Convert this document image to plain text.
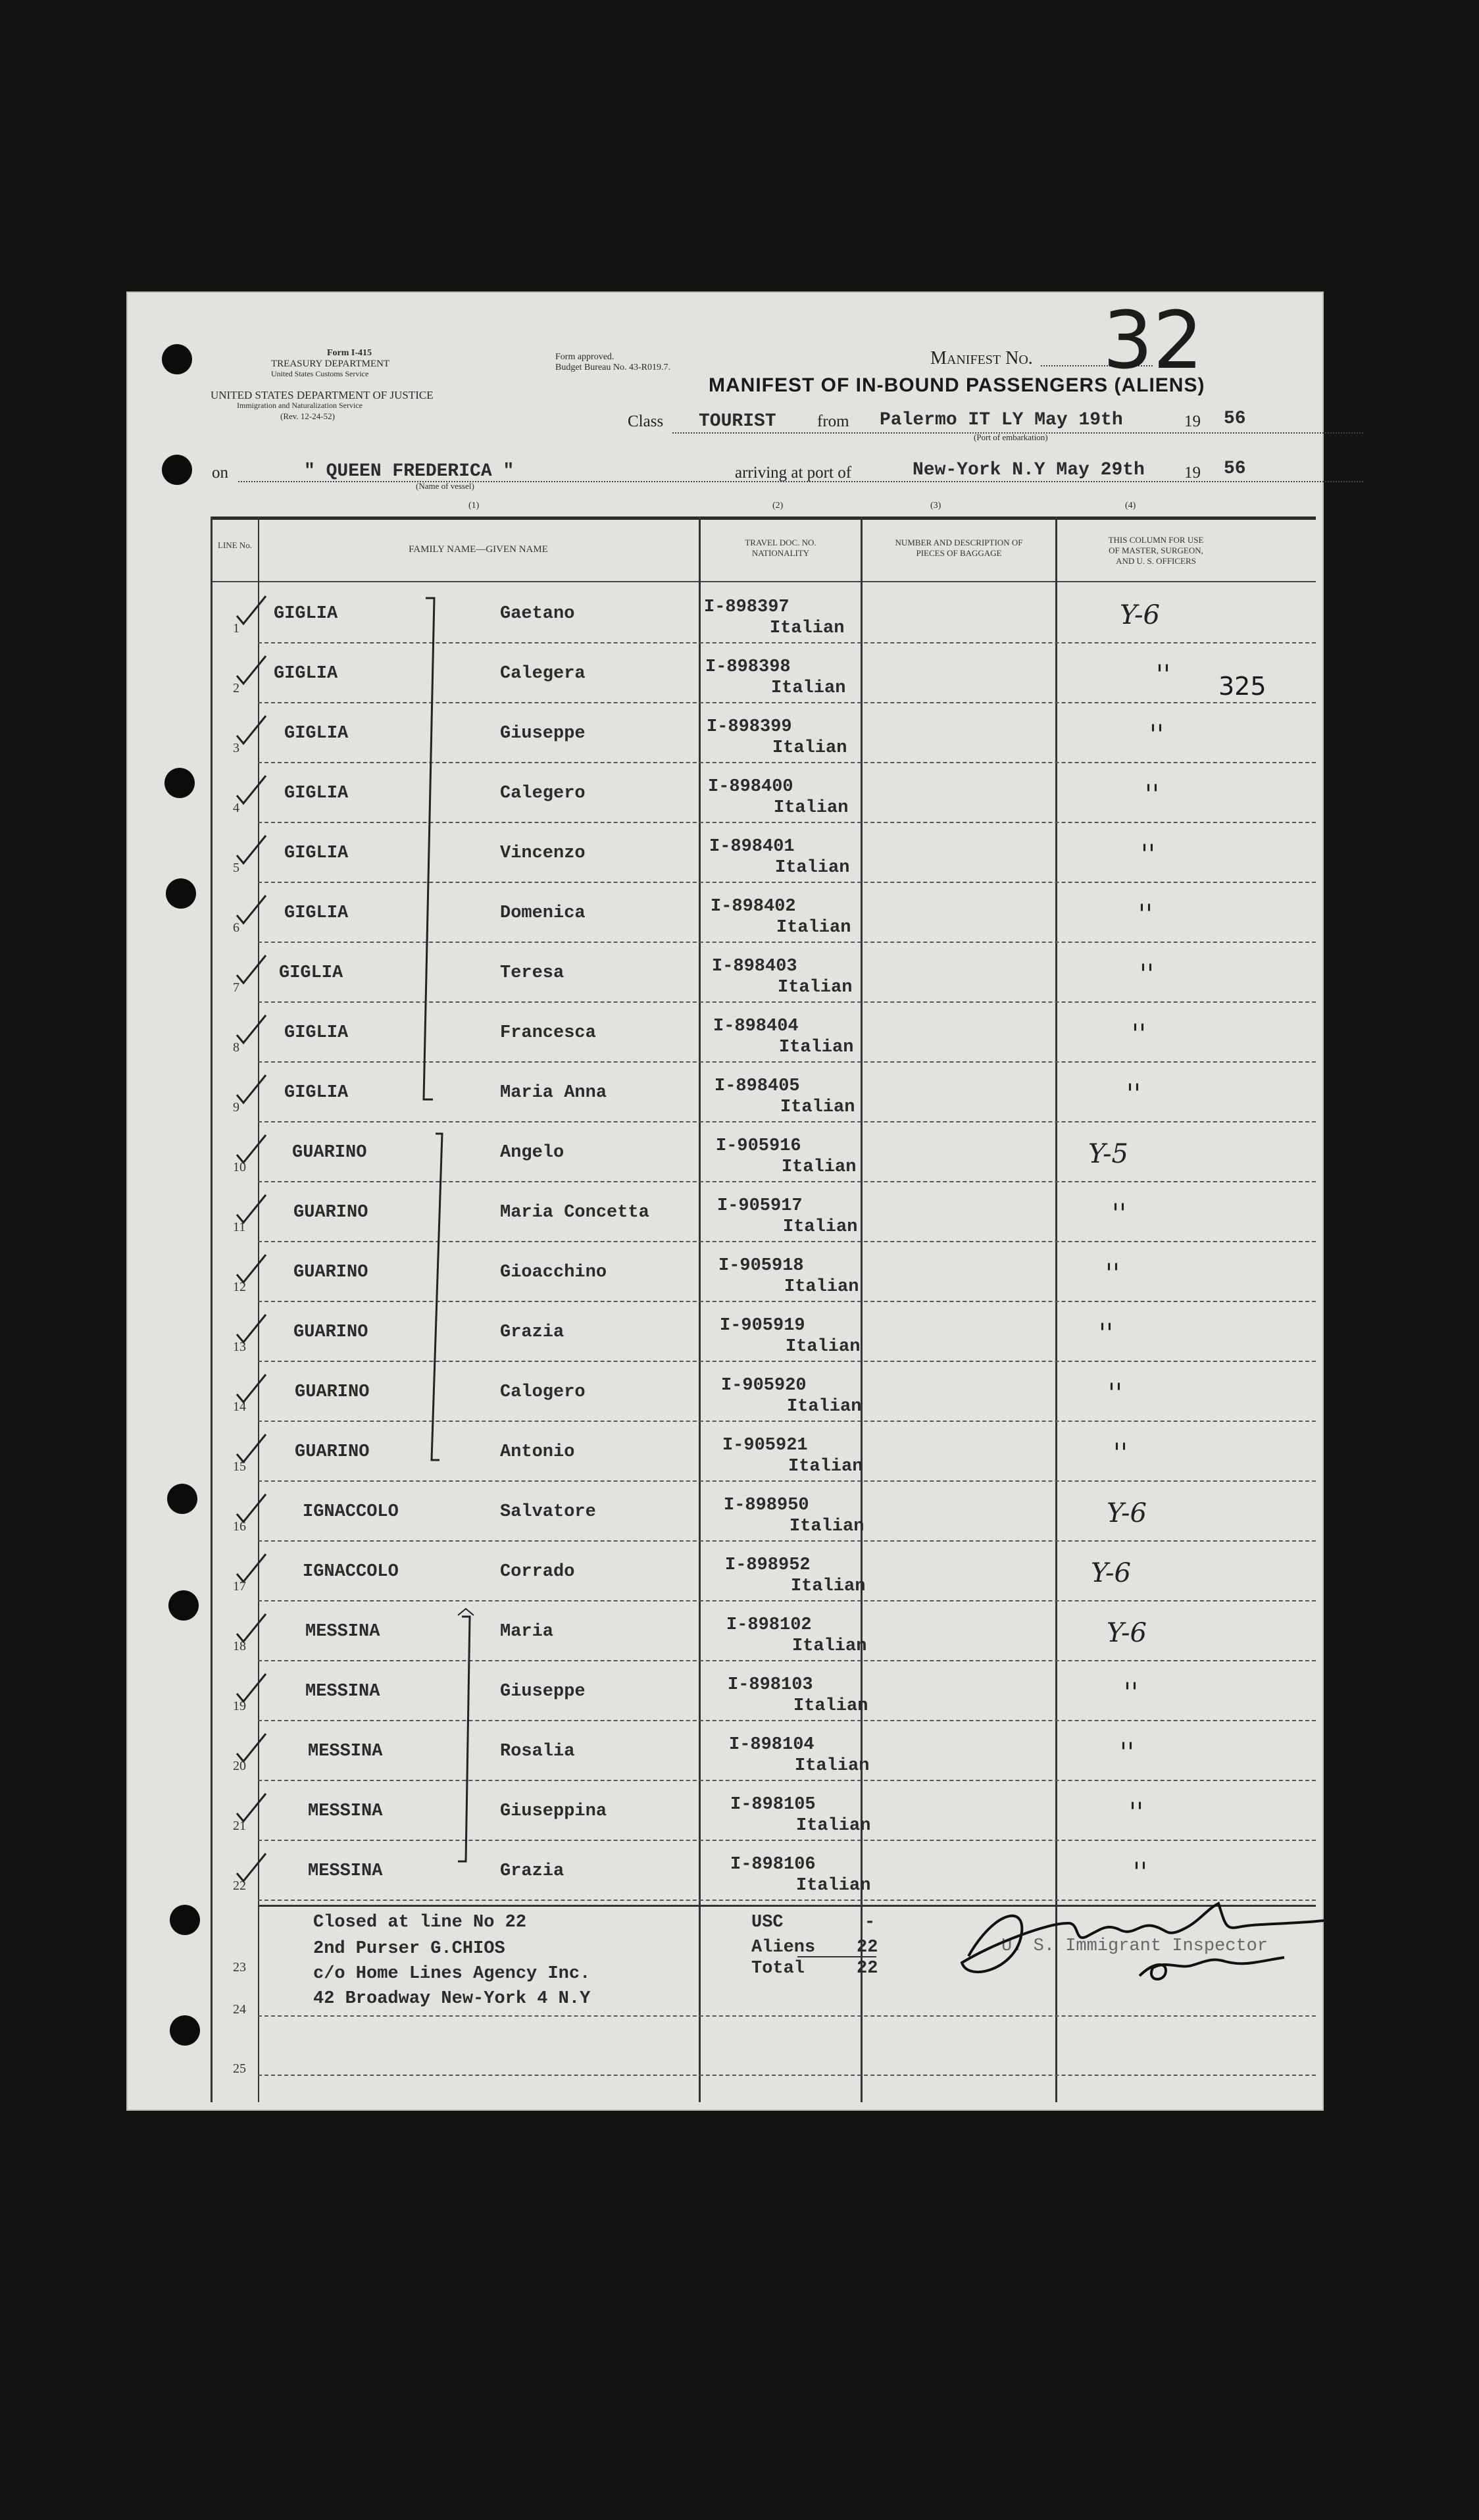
Form I-415
TREASURY DEPARTMENT
United States Customs Service
UNITED STATES DEPARTMENT OF JUSTICE
Immigration and Naturalization Service
(Rev. 12-24-52)
Form approved.
Budget Bureau No. 43-R019.7.	Manifest No. 32
MANIFEST OF IN-BOUND PASSENGERS (ALIENS)
Class TOURIST from Palermo IT LY May 19th
(Port of embarkation)
19 56
on	" QUEEN FREDERICA "
(Name of vessel)
arriving at port of	New-York N.Y May 29th 19 56
(1)	(2)	(3)	(4)
LINE No.	FAMILY NAME—GIVEN NAME
TRAVEL DOC. NO.
NATIONALITY
NUMBER AND DESCRIPTION OF
PIECES OF BAGGAGE
THIS COLUMN FOR USE
OF MASTER, SURGEON,
AND U. S. OFFICERS
1
GIGLIA	Gaetano	I-898397
Italian	Y-6
2
GIGLIA	Calegera	I-898398
Italian	''
3
GIGLIA	Giuseppe	I-898399
Italian	''
4
GIGLIA	Calegero	I-898400
Italian	''
5
GIGLIA	Vincenzo	I-898401
Italian	''
6
GIGLIA	Domenica	I-898402
Italian	''
7
GIGLIA	Teresa	I-898403
Italian	''
8
GIGLIA	Francesca	I-898404
Italian	''
9
GIGLIA	Maria Anna	I-898405
Italian	''
10
GUARINO	Angelo	I-905916
Italian	Y-5
11
GUARINO	Maria Concetta	I-905917
Italian	''
12
GUARINO	Gioacchino	I-905918
Italian	''
13
GUARINO	Grazia	I-905919
Italian	''
14
GUARINO	Calogero	I-905920
Italian	''
15
GUARINO	Antonio	I-905921
Italian	''
16
IGNACCOLO	Salvatore	I-898950
Italian	Y-6
17
IGNACCOLO	Corrado	I-898952
Italian	Y-6
18
MESSINA	Maria	I-898102
Italian	Y-6
19
MESSINA	Giuseppe	I-898103
Italian	''
20
MESSINA	Rosalia	I-898104
Italian	''
21
MESSINA	Giuseppina	I-898105
Italian	''
22
MESSINA	Grazia	I-898106
Italian	''
325
Closed at line No 22
2nd Purser G.CHIOS
c/o Home Lines Agency Inc.
42 Broadway New-York 4 N.Y
USC	-
Aliens 22
Total	22
U. S. Immigrant Inspector
23
24
25
